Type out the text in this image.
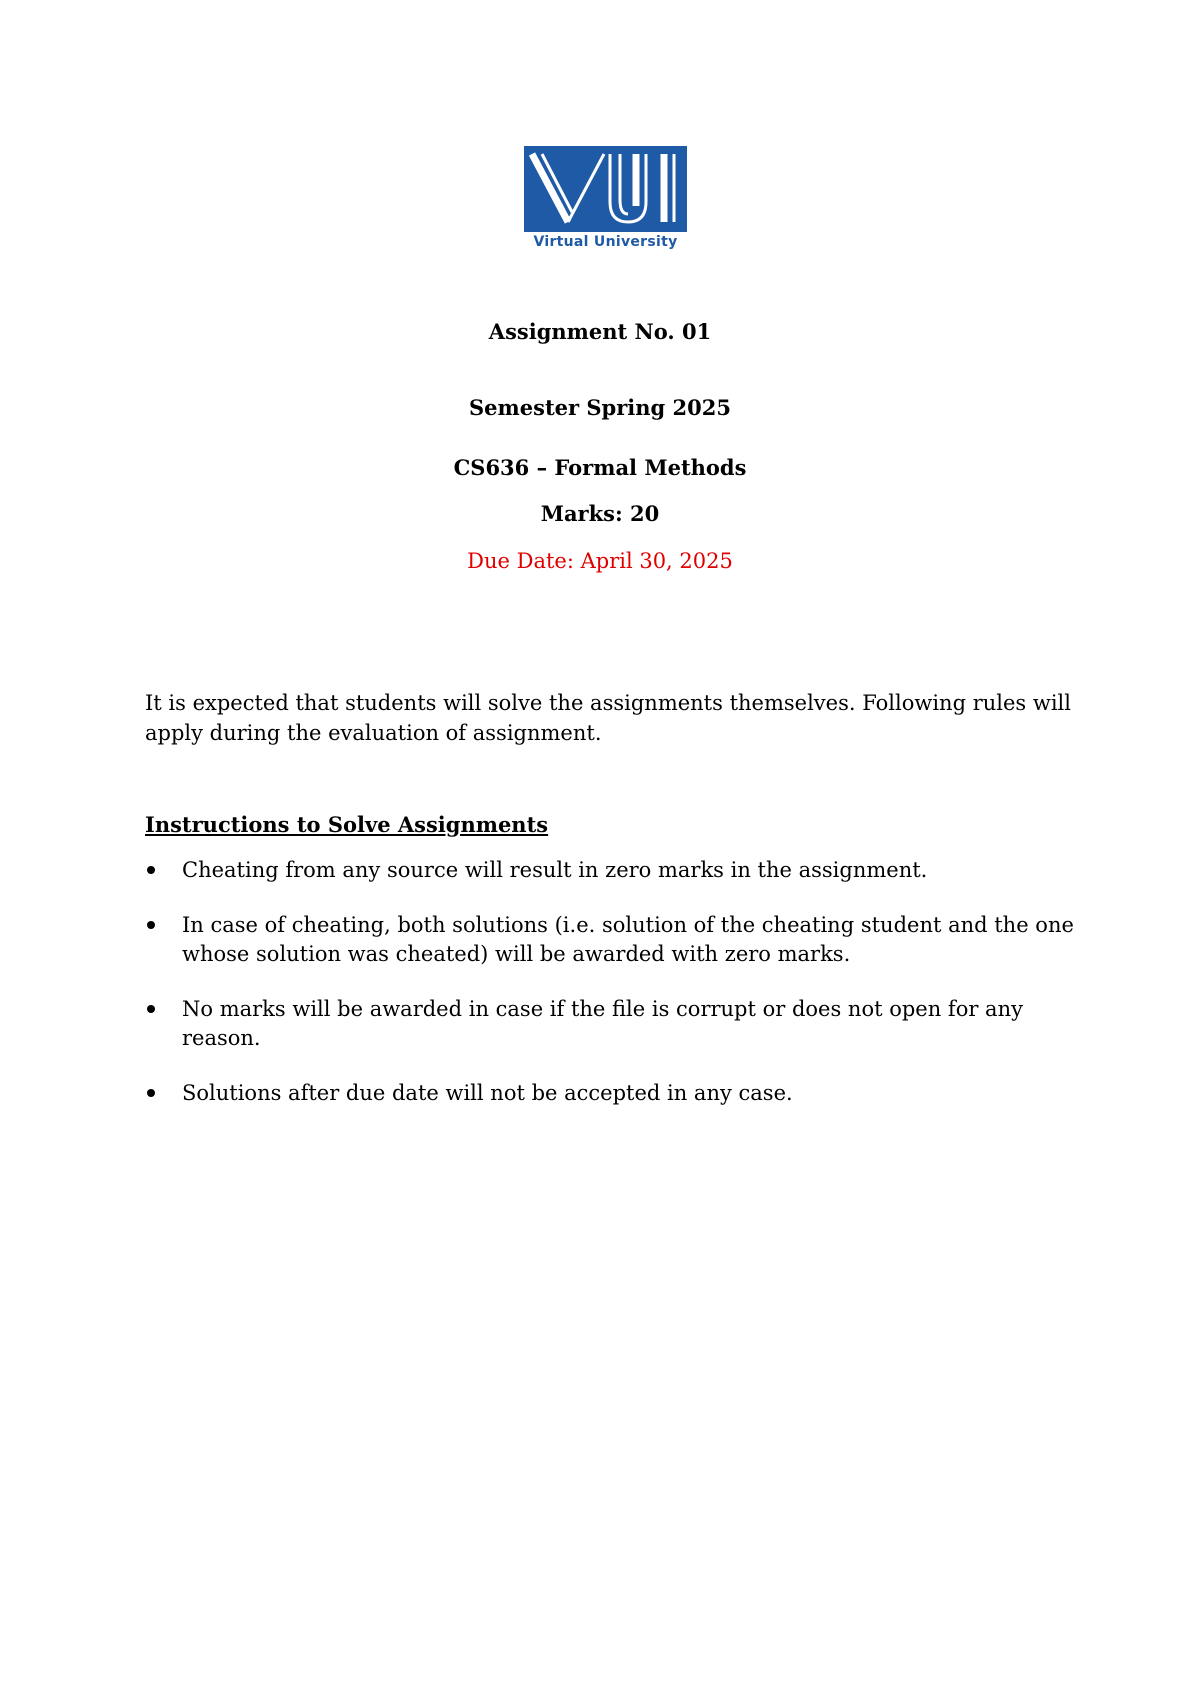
Virtual University
Assignment No. 01
Semester Spring 2025
CS636 – Formal Methods
Marks: 20
Due Date: April 30, 2025
It is expected that students will solve the assignments themselves. Following rules will apply during the evaluation of assignment.
Instructions to Solve Assignments
Cheating from any source will result in zero marks in the assignment.
In case of cheating, both solutions (i.e. solution of the cheating student and the one whose solution was cheated) will be awarded with zero marks.
No marks will be awarded in case if the file is corrupt or does not open for any reason.
Solutions after due date will not be accepted in any case.
